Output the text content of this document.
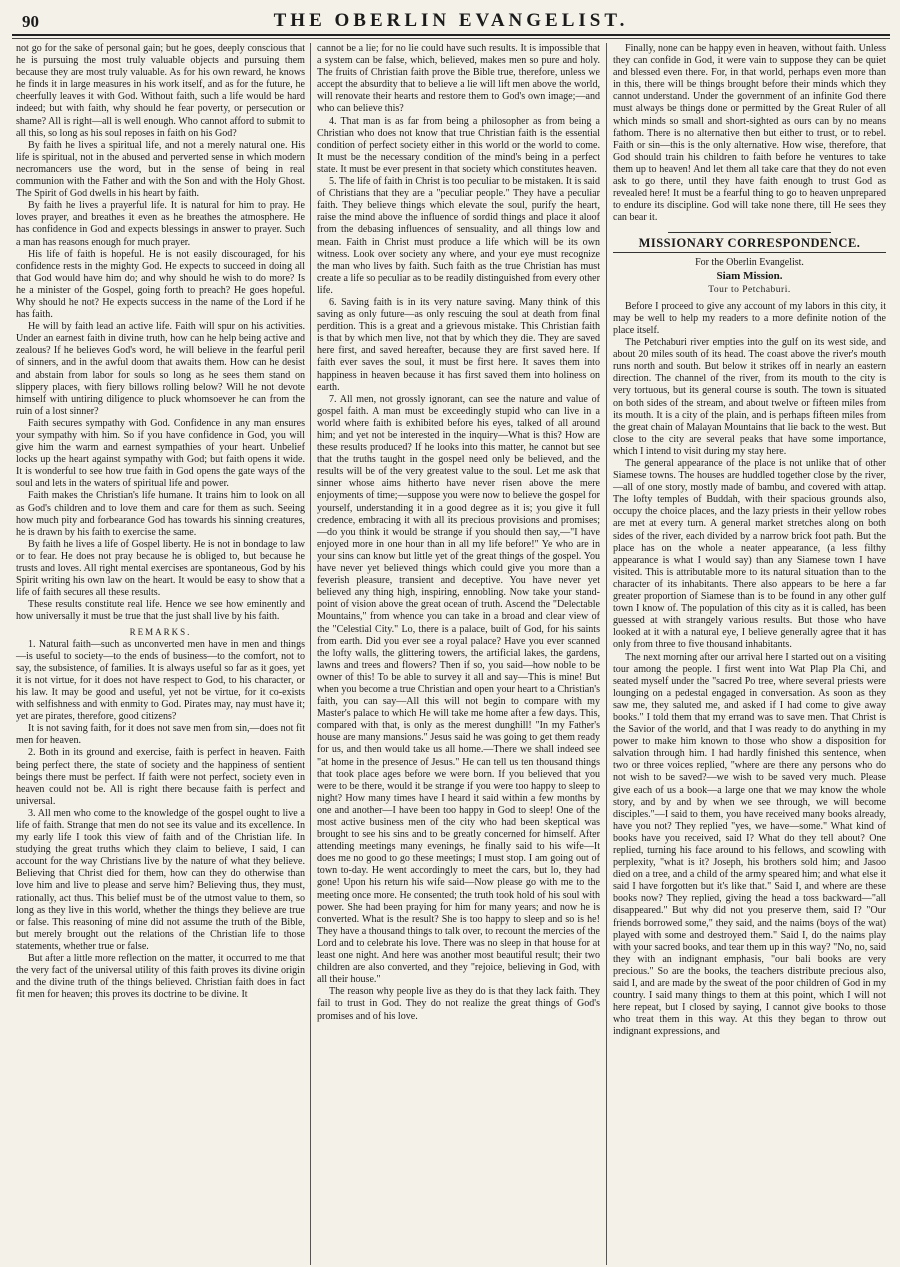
90	THE OBERLIN EVANGELIST.

not go for the sake of personal gain; but he goes, deeply conscious that he is pursuing the most truly valuable objects and pursuing them because they are most truly valuable. As for his own reward, he knows he finds it in large measures in his work itself, and as for the future, he cheerfully leaves it with God. Without faith, such a life would be hard indeed; but with faith, why should he fear poverty, or persecution or shame? All is right—all is well enough. Who cannot afford to submit to all this, so long as his soul reposes in faith on his God?

By faith he lives a spiritual life, and not a merely natural one. His life is spiritual, not in the abused and perverted sense in which modern necromancers use the word, but in the sense of being in real communion with the Father and with the Son and with the Holy Ghost. The Spirit of God dwells in his heart by faith.

By faith he lives a prayerful life. It is natural for him to pray. He loves prayer, and breathes it even as he breathes the atmosphere. He has confidence in God and expects blessings in answer to prayer. Such a man has reasons enough for much prayer.

His life of faith is hopeful. He is not easily discouraged, for his confidence rests in the mighty God. He expects to succeed in doing all that God would have him do; and why should he wish to do more? Is he a minister of the Gospel, going forth to preach? He goes hopeful. Why should he not? He expects success in the name of the Lord if he has faith.

He will by faith lead an active life. Faith will spur on his activities. Under an earnest faith in divine truth, how can he help being active and zealous? If he believes God's word, he will believe in the fearful peril of sinners, and in the awful doom that awaits them. How can he desist and abstain from labor for souls so long as he sees them stand on slippery places, with fiery billows rolling below? Will he not devote himself with untiring diligence to pluck whomsoever he can from the ruin of a lost sinner?

Faith secures sympathy with God. Confidence in any man ensures your sympathy with him. So if you have confidence in God, you will give him the warm and earnest sympathies of your heart. Unbelief locks up the heart against sympathy with God; but faith opens it wide. It is wonderful to see how true faith in God opens the gate ways of the soul and lets in the waters of spiritual life and power.

Faith makes the Christian's life humane. It trains him to look on all as God's children and to love them and care for them as such. Seeing how much pity and forbearance God has towards his sinning creatures, he is drawn by his faith to exercise the same.

By faith he lives a life of Gospel liberty. He is not in bondage to law or to fear. He does not pray because he is obliged to, but because he trusts and loves. All right mental exercises are spontaneous, God by his Spirit writing his own law on the heart. It would be easy to show that a life of faith secures all these results.

These results constitute real life. Hence we see how eminently and how universally it must be true that the just shall live by his faith.

REMARKS.

1. Natural faith—such as unconverted men have in men and things—is useful to society—to the ends of business—to the comfort, not to say, the subsistence, of families. It is always useful so far as it goes, yet it is not virtue, for it does not have respect to God, to his character, or his law. It may be good and useful, yet not be virtue, for it co-exists with selfishness and with enmity to God. Pirates may, nay must have it; yet are pirates, therefore, good citizens?

It is not saving faith, for it does not save men from sin,—does not fit men for heaven.

2. Both in its ground and exercise, faith is perfect in heaven. Faith being perfect there, the state of society and the happiness of sentient beings there must be perfect. If faith were not perfect, society even in heaven could not be. All is right there because faith is perfect and universal.

3. All men who come to the knowledge of the gospel ought to live a life of faith. Strange that men do not see its value and its excellence. In my early life I took this view of faith and of the Christian life. In studying the great truths which they claim to believe, I said, I can account for the way Christians live by the nature of what they believe. Believing that Christ died for them, how can they do otherwise than love him and live to please and serve him? Believing thus, they must, rationally, act thus. This belief must be of the utmost value to them, so long as they live in this world, whether the things they believe are true or false. This reasoning of mine did not assume the truth of the Bible, but merely brought out the relations of the Christian life to those statements, whether true or false.

But after a little more reflection on the matter, it occurred to me that the very fact of the universal utility of this faith proves its divine origin and the divine truth of the things believed. Christian faith does in fact fit men for heaven; this proves its doctrine to be divine. It

cannot be a lie; for no lie could have such results. It is impossible that a system can be false, which, believed, makes men so pure and holy. The fruits of Christian faith prove the Bible true, therefore, unless we accept the absurdity that to believe a lie will lift men above the world, will renovate their hearts and restore them to God's own image;—and who can believe this?

4. That man is as far from being a philosopher as from being a Christian who does not know that true Christian faith is the essential condition of perfect society either in this world or the world to come. It must be the necessary condition of the mind's being in a perfect state. It must be ever present in that society which constitutes heaven.

5. The life of faith in Christ is too peculiar to be mistaken. It is said of Christians that they are a "peculiar people." They have a peculiar faith. They believe things which elevate the soul, purify the heart, raise the mind above the influence of sordid things and place it aloof from the debasing influences of sensuality, and all things low and mean. Faith in Christ must produce a life which will be its own witness. Look over society any where, and your eye must recognize the man who lives by faith. Such faith as the true Christian has must create a life so peculiar as to be readily distinguished from every other life.

6. Saving faith is in its very nature saving. Many think of this saving as only future—as only rescuing the soul at death from final perdition. This is a great and a grievous mistake. This Christian faith is that by which men live, not that by which they die. They are saved here first, and saved hereafter, because they are first saved here. If faith ever saves the soul, it must be first here. It saves them into happiness in heaven because it has first saved them into holiness on earth.

7. All men, not grossly ignorant, can see the nature and value of gospel faith. A man must be exceedingly stupid who can live in a world where faith is exhibited before his eyes, talked of all around him; and yet not be interested in the inquiry—What is this? How are these results produced? If he looks into this matter, he cannot but see that the truths taught in the gospel need only be believed, and the results will be of the very greatest value to the soul. Let me ask that sinner whose aims hitherto have never risen above the mere enjoyments of time;—suppose you were now to believe the gospel for yourself, understanding it in a good degree as it is; you give it full credence, embracing it with all its precious provisions and promises;—do you think it would be strange if you should then say,—"I have enjoyed more in one hour than in all my life before!" Ye who are in your sins can know but little yet of the great things of the gospel. You have never yet believed things which could give you more than a feverish pleasure, transient and deceptive. You have never yet believed any thing high, inspiring, ennobling. Now take your stand-point of vision above the great ocean of truth. Ascend the "Delectable Mountains," from whence you can take in a broad and clear view of the "Celestial City." Lo, there is a palace, built of God, for his saints from earth. Did you ever see a royal palace? Have you ever scanned the lofty walls, the glittering towers, the artificial lakes, the gardens, lawns and trees and flowers? Then if so, you said—how noble to be owner of this! To be able to survey it all and say—This is mine! But when you become a true Christian and open your heart to a Christian's faith, you can say—All this will not begin to compare with my Master's palace to which He will take me home after a few days. This, compared with that, is only as the merest dunghill! "In my Father's house are many mansions." Jesus said he was going to get them ready for us, and then would take us all home.—There we shall indeed see "at home in the presence of Jesus." He can tell us ten thousand things that took place ages before we were born. If you believed that you were to be there, would it be strange if you were too happy to sleep to night? How many times have I heard it said within a few months by one and another—I have been too happy in God to sleep! One of the most active business men of the city who had been skeptical was brought to see his sins and to be greatly concerned for himself. After attending meetings many evenings, he finally said to his wife—It does me no good to go these meetings; I must stop. I am going out of town to-day. He went accordingly to meet the cars, but lo, they had gone! Upon his return his wife said—Now please go with me to the meeting once more. He consented; the truth took hold of his soul with power. She had been praying for him for many years; and now he is converted. What is the result? She is too happy to sleep and so is he! They have a thousand things to talk over, to recount the mercies of the Lord and to celebrate his love. There was no sleep in that house for at least one night. And here was another most beautiful result; their two children are also converted, and they "rejoice, believing in God, with all their house."

The reason why people live as they do is that they lack faith. They fail to trust in God. They do not realize the great things of God's promises and of his love.

Finally, none can be happy even in heaven, without faith. Unless they can confide in God, it were vain to suppose they can be quiet and blessed even there. For, in that world, perhaps even more than in this, there will be things brought before their minds which they cannot understand. Under the government of an infinite God there must always be things done or permitted by the Great Ruler of all which minds so small and short-sighted as ours can by no means fathom. There is no alternative then but either to trust, or to rebel. Faith or sin—this is the only alternative. How wise, therefore, that God should train his children to faith before he ventures to take them up to heaven! And let them all take care that they do not even ask to go there, until they have faith enough to trust God as revealed here! It must be a fearful thing to go to heaven unprepared to endure its discipline. God will take none there, till He sees they can bear it.

MISSIONARY CORRESPONDENCE.
For the Oberlin Evangelist.
Siam Mission.
Tour to Petchaburi.

Before I proceed to give any account of my labors in this city, it may be well to help my readers to a more definite notion of the place itself.

The Petchaburi river empties into the gulf on its west side, and about 20 miles south of its head. The coast above the river's mouth runs north and south. But below it strikes off in nearly an eastern direction. The channel of the river, from its mouth to the city is very tortuous, but its general course is south. The town is situated on both sides of the stream, and about twelve or fifteen miles from its mouth. It is a city of the plain, and is perhaps fifteen miles from the great chain of Malayan Mountains that lie back to the west. But close to the city are several peaks that have some importance, which I intend to visit during my stay here.

The general appearance of the place is not unlike that of other Siamese towns. The houses are huddled together close by the river,—all of one story, mostly made of bambu, and covered with attap. The lofty temples of Buddah, with their spacious grounds also, occupy the choice places, and the lazy priests in their yellow robes are met at every turn. A general market stretches along on both sides of the river, each divided by a narrow brick foot path. But the place has on the whole a neater appearance, (a less filthy appearance is what I would say) than any Siamese town I have visited. This is attributable more to its natural situation than to the character of its inhabitants. There also appears to be here a far greater proportion of Siamese than is to be found in any other gulf town I know of. The population of this city as it is called, has been guessed at with strangely various results. But those who have looked at it with a natural eye, I believe generally agree that it has only from three to five thousand inhabitants.

The next morning after our arrival here I started out on a visiting tour among the people. I first went into Wat Plap Pla Chi, and seated myself under the "sacred Po tree, where several priests were lounging on a pedestal engaged in conversation. As soon as they saw me, they saluted me, and asked if I had come to give away books." I told them that my errand was to save men. That Christ is the Savior of the world, and that I was ready to do anything in my power to make him known to those who show a disposition for salvation through him. I had hardly finished this sentence, when two or three voices replied, "where are there any persons who do not wish to be saved?—we wish to be saved very much. Please give each of us a book—a large one that we may know the whole story, and by and by when we see through, we will become disciples."—I said to them, you have received many books already, have you not? They replied "yes, we have—some." What kind of books have you received, said I? What do they tell about? One replied, turning his face around to his fellows, and scowling with perplexity, "what is it? Joseph, his brothers sold him; and Jasoo died on a tree, and a child of the army speared him; and what else it said I have forgotten but it's like that." Said I, and where are these books now? They replied, giving the head a toss backward—"all disappeared." But why did not you preserve them, said I? "Our friends borrowed some," they said, and the naims (boys of the wat) played with some and destroyed them." Said I, do the naims play with your sacred books, and tear them up in this way? "No, no, said they with an indignant emphasis, "our bali books are very precious." So are the books, the teachers distribute precious also, said I, and are made by the sweat of the poor children of God in my country. I said many things to them at this point, which I will not here repeat, but I closed by saying, I cannot give books to those who treat them in this way. At this they began to throw out indignant expressions, and
